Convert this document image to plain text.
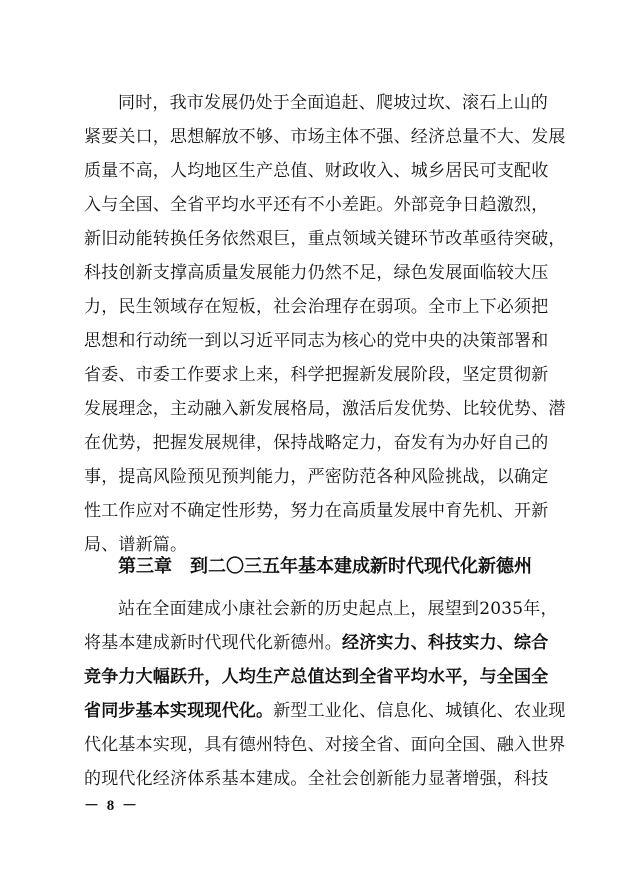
同时，我市发展仍处于全面追赶、爬坡过坎、滚石上山的
紧要关口，思想解放不够、市场主体不强、经济总量不大、发展
质量不高，人均地区生产总值、财政收入、城乡居民可支配收
入与全国、全省平均水平还有不小差距。外部竞争日趋激烈，
新旧动能转换任务依然艰巨，重点领域关键环节改革亟待突破，
科技创新支撑高质量发展能力仍然不足，绿色发展面临较大压
力，民生领域存在短板，社会治理存在弱项。全市上下必须把
思想和行动统一到以习近平同志为核心的党中央的决策部署和
省委、市委工作要求上来，科学把握新发展阶段，坚定贯彻新
发展理念，主动融入新发展格局，激活后发优势、比较优势、潜
在优势，把握发展规律，保持战略定力，奋发有为办好自己的
事，提高风险预见预判能力，严密防范各种风险挑战，以确定
性工作应对不确定性形势，努力在高质量发展中育先机、开新
局、谱新篇。
第三章　到二〇三五年基本建成新时代现代化新德州
站在全面建成小康社会新的历史起点上，展望到2035年，
将基本建成新时代现代化新德州。经济实力、科技实力、综合
竞争力大幅跃升，人均生产总值达到全省平均水平，与全国全
省同步基本实现现代化。新型工业化、信息化、城镇化、农业现
代化基本实现，具有德州特色、对接全省、面向全国、融入世界
的现代化经济体系基本建成。全社会创新能力显著增强，科技
－ 8 －
